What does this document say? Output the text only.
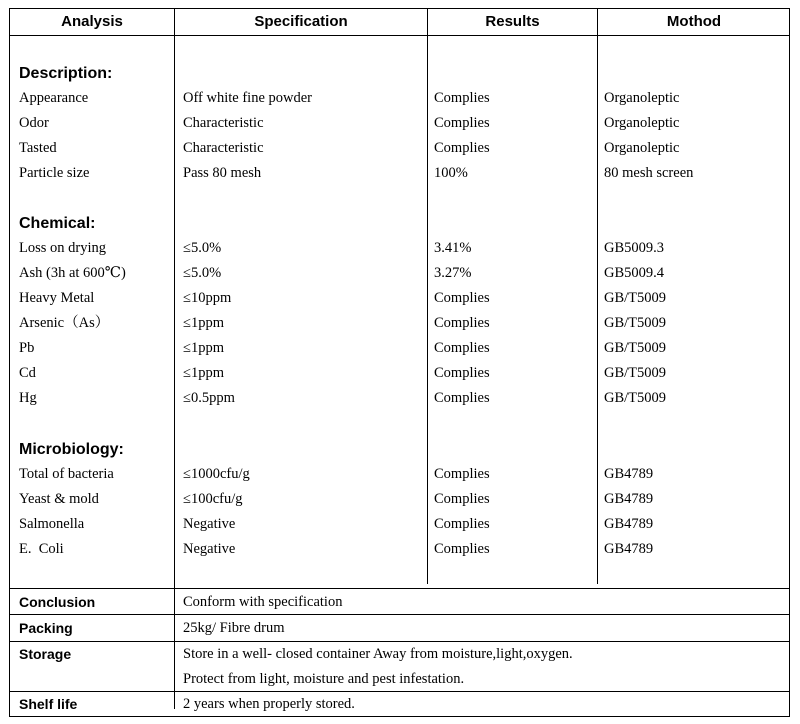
Analysis	Specification	Results	Mothod
Description:
Appearance	Off white fine powder	Complies	Organoleptic
Odor	Characteristic	Complies	Organoleptic
Tasted	Characteristic	Complies	Organoleptic
Particle size	Pass 80 mesh	100%	80 mesh screen
Chemical:
Loss on drying	≤5.0%	3.41%	GB5009.3
Ash (3h at 600℃)	≤5.0%	3.27%	GB5009.4
Heavy Metal	≤10ppm	Complies	GB/T5009
Arsenic（As）	≤1ppm	Complies	GB/T5009
Pb	≤1ppm	Complies	GB/T5009
Cd	≤1ppm	Complies	GB/T5009
Hg	≤0.5ppm	Complies	GB/T5009
Microbiology:
Total of bacteria	≤1000cfu/g	Complies	GB4789
Yeast & mold	≤100cfu/g	Complies	GB4789
Salmonella	Negative	Complies	GB4789
E.  Coli	Negative	Complies	GB4789
Conclusion	Conform with specification
Packing	25kg/ Fibre drum
Storage	Store in a well- closed container Away from moisture,light,oxygen.
Protect from light, moisture and pest infestation.
Shelf life	2 years when properly stored.
